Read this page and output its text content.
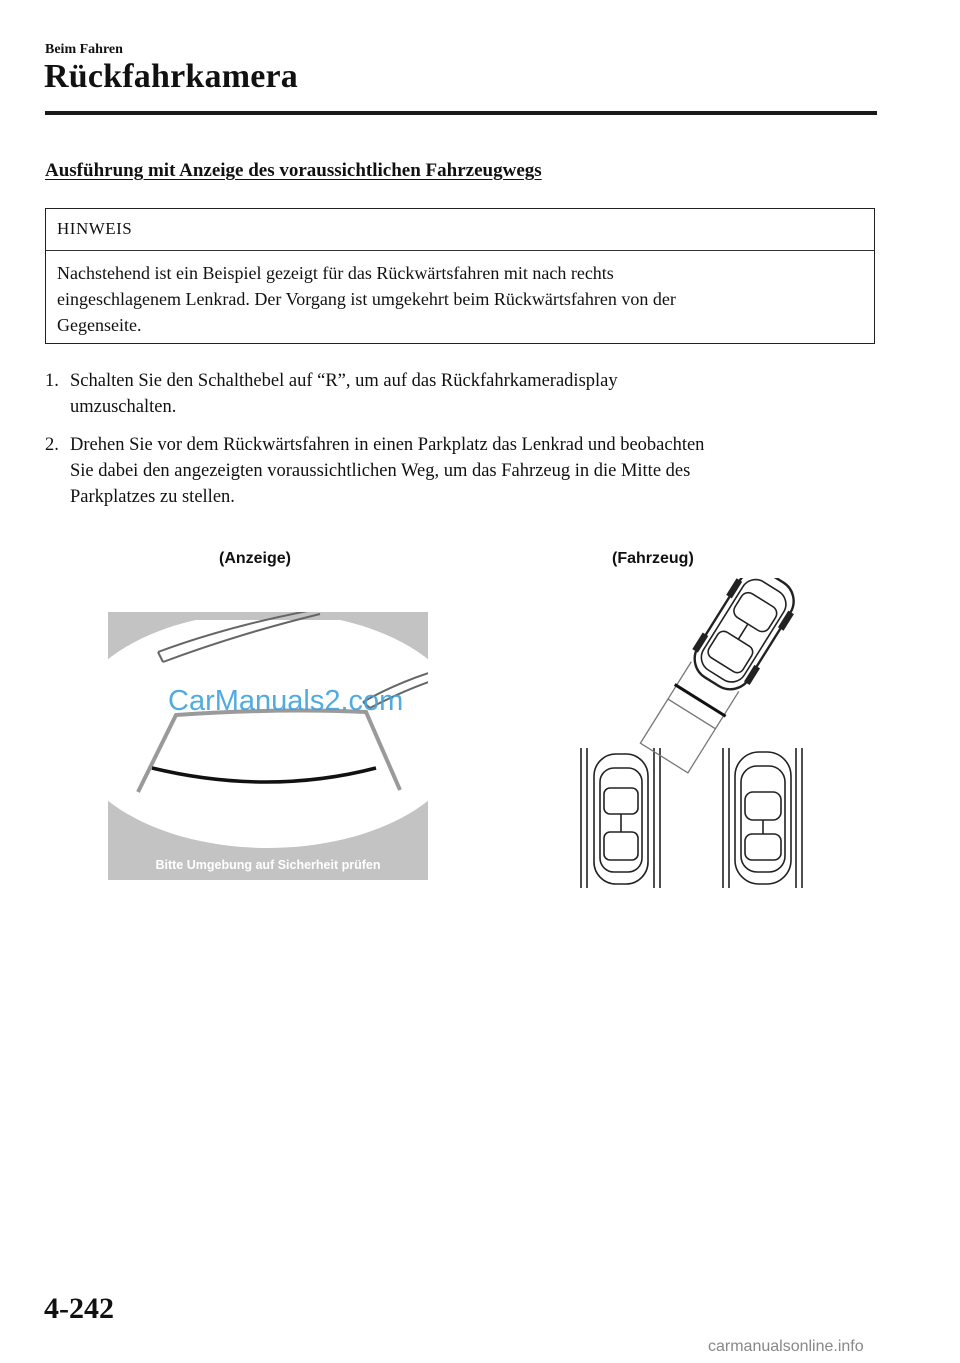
Beim Fahren
Rückfahrkamera
Ausführung mit Anzeige des voraussichtlichen Fahrzeugwegs
HINWEIS
Nachstehend ist ein Beispiel gezeigt für das Rückwärtsfahren mit nach rechts
eingeschlagenem Lenkrad. Der Vorgang ist umgekehrt beim Rückwärtsfahren von der
Gegenseite.
1. Schalten Sie den Schalthebel auf “R”, um auf das Rückfahrkameradisplay
umzuschalten.
2. Drehen Sie vor dem Rückwärtsfahren in einen Parkplatz das Lenkrad und beobachten
Sie dabei den angezeigten voraussichtlichen Weg, um das Fahrzeug in die Mitte des
Parkplatzes zu stellen.
(Anzeige)	(Fahrzeug)
CarManuals2.com
Bitte Umgebung auf Sicherheit prüfen
4-242
carmanualsonline.info
